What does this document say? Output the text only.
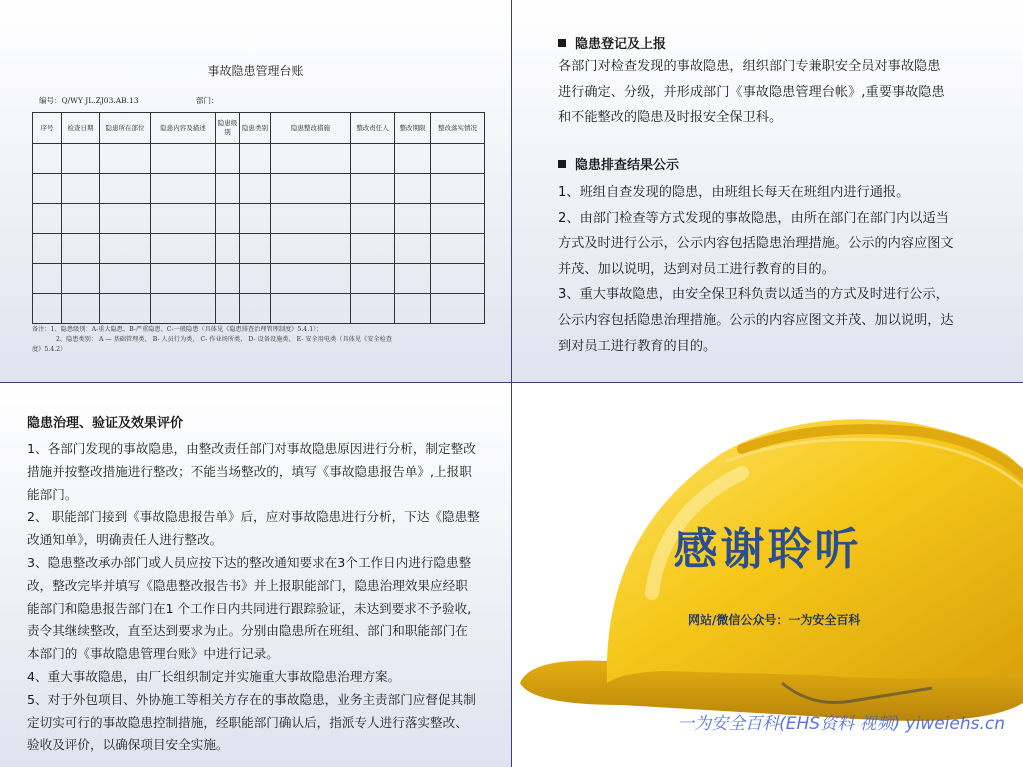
事故隐患管理台账
编号：Q/WY JL.ZJ03.AB.13	部门：
序号	检查日期	隐患所在部位	隐患内容及描述	隐患级别	隐患类别	隐患整改措施	整改责任人	整改期限	整改落实情况

备注：1、隐患级别：A-重大隐患、B-严重隐患、C-一般隐患（具体见《隐患排查治理管理制度》5.4.1）；
2、隐患类别： A — 基础管理类、 B- 人员行为类、 C- 作业场所类、 D- 设备设施类、 E- 安全用电类（具体见《安全检查
度》5.4.2）
隐患登记及上报
各部门对检查发现的事故隐患，组织部门专兼职安全员对事故隐患
进行确定、分级，并形成部门《事故隐患管理台帐》,重要事故隐患
和不能整改的隐患及时报安全保卫科。
隐患排查结果公示
1、班组自查发现的隐患，由班组长每天在班组内进行通报。
2、由部门检查等方式发现的事故隐患，由所在部门在部门内以适当
方式及时进行公示，公示内容包括隐患治理措施。公示的内容应图文
并茂、加以说明，达到对员工进行教育的目的。
3、重大事故隐患，由安全保卫科负责以适当的方式及时进行公示，
公示内容包括隐患治理措施。公示的内容应图文并茂、加以说明，达
到对员工进行教育的目的。
隐患治理、验证及效果评价
1、各部门发现的事故隐患，由整改责任部门对事故隐患原因进行分析，制定整改
措施并按整改措施进行整改；不能当场整改的，填写《事故隐患报告单》,上报职
能部门。
2、 职能部门接到《事故隐患报告单》后，应对事故隐患进行分析，下达《隐患整
改通知单》，明确责任人进行整改。
3、隐患整改承办部门或人员应按下达的整改通知要求在3个工作日内进行隐患整
改，整改完毕并填写《隐患整改报告书》并上报职能部门，隐患治理效果应经职
能部门和隐患报告部门在1 个工作日内共同进行跟踪验证，未达到要求不予验收,
责令其继续整改，直至达到要求为止。分别由隐患所在班组、部门和职能部门在
本部门的《事故隐患管理台账》中进行记录。
4、重大事故隐患，由厂长组织制定并实施重大事故隐患治理方案。
5、对于外包项目、外协施工等相关方存在的事故隐患，业务主责部门应督促其制
定切实可行的事故隐患控制措施，经职能部门确认后，指派专人进行落实整改、
验收及评价，以确保项目安全实施。
感谢聆听
网站/微信公众号：一为安全百科
一为安全百科(EHS资料 视频) yiweiehs.cn
